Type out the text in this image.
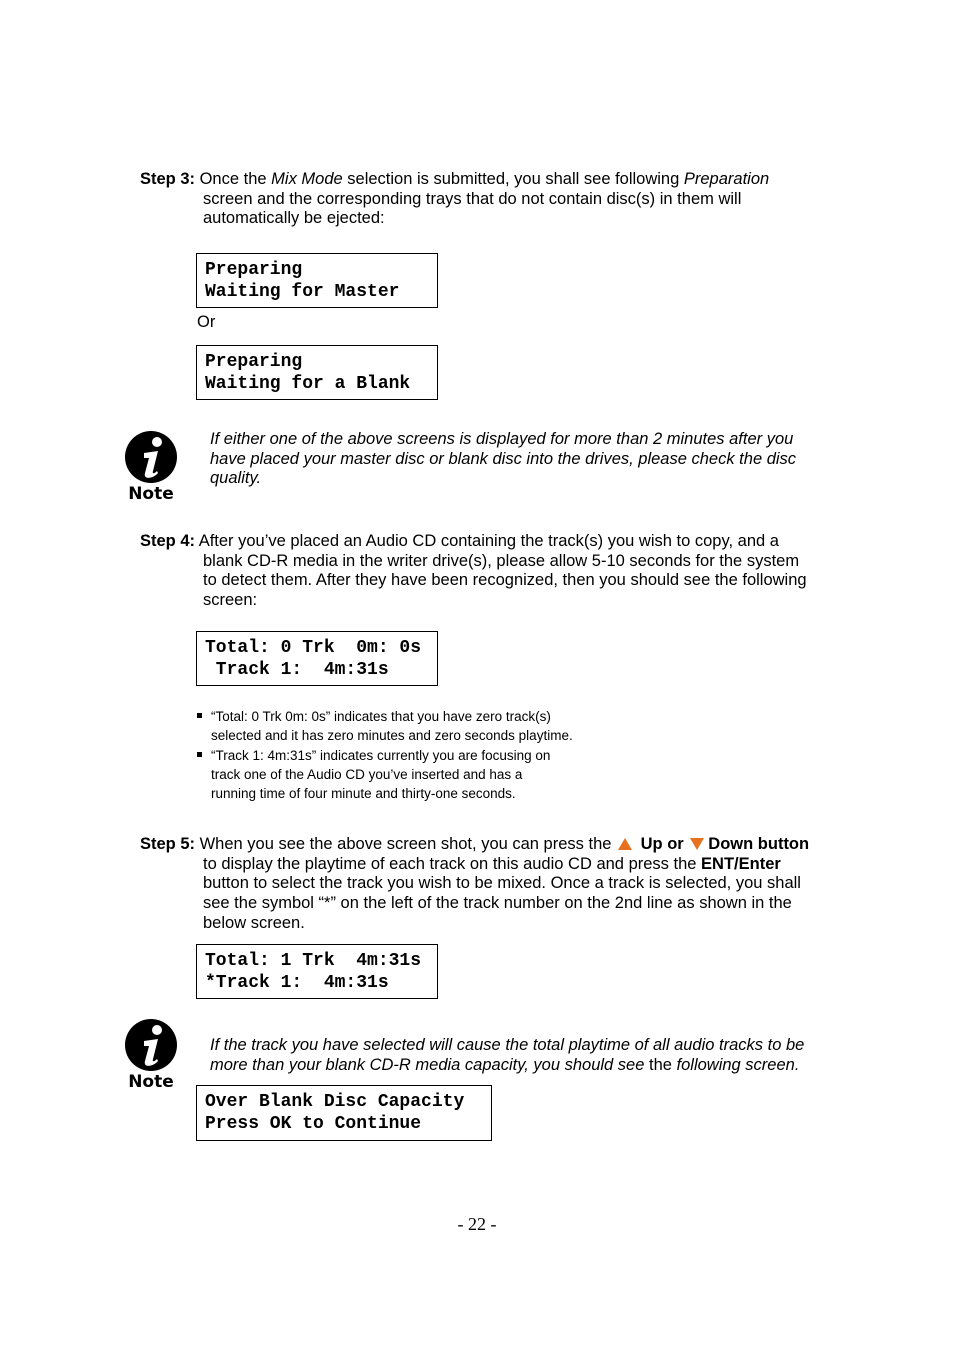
Step 3: Once the Mix Mode selection is submitted, you shall see following Preparation
screen and the corresponding trays that do not contain disc(s) in them will
automatically be ejected:
Preparing
Waiting for Master
Or
Preparing
Waiting for a Blank
Note
If either one of the above screens is displayed for more than 2 minutes after you
have placed your master disc or blank disc into the drives, please check the disc
quality.
Step 4: After you’ve placed an Audio CD containing the track(s) you wish to copy, and a
blank CD-R media in the writer drive(s), please allow 5-10 seconds for the system
to detect them. After they have been recognized, then you should see the following
screen:
Total: 0 Trk  0m: 0s
Track 1:  4m:31s
“Total: 0 Trk 0m: 0s” indicates that you have zero track(s)
selected and it has zero minutes and zero seconds playtime.
“Track 1: 4m:31s” indicates currently you are focusing on
track one of the Audio CD you’ve inserted and has a
running time of four minute and thirty-one seconds.
Step 5: When you see the above screen shot, you can press the  Up or Down button
to display the playtime of each track on this audio CD and press the ENT/Enter
button to select the track you wish to be mixed. Once a track is selected, you shall
see the symbol “*” on the left of the track number on the 2nd line as shown in the
below screen.
Total: 1 Trk  4m:31s
*Track 1:  4m:31s
Note
If the track you have selected will cause the total playtime of all audio tracks to be
more than your blank CD-R media capacity, you should see the following screen.
Over Blank Disc Capacity
Press OK to Continue
- 22 -
